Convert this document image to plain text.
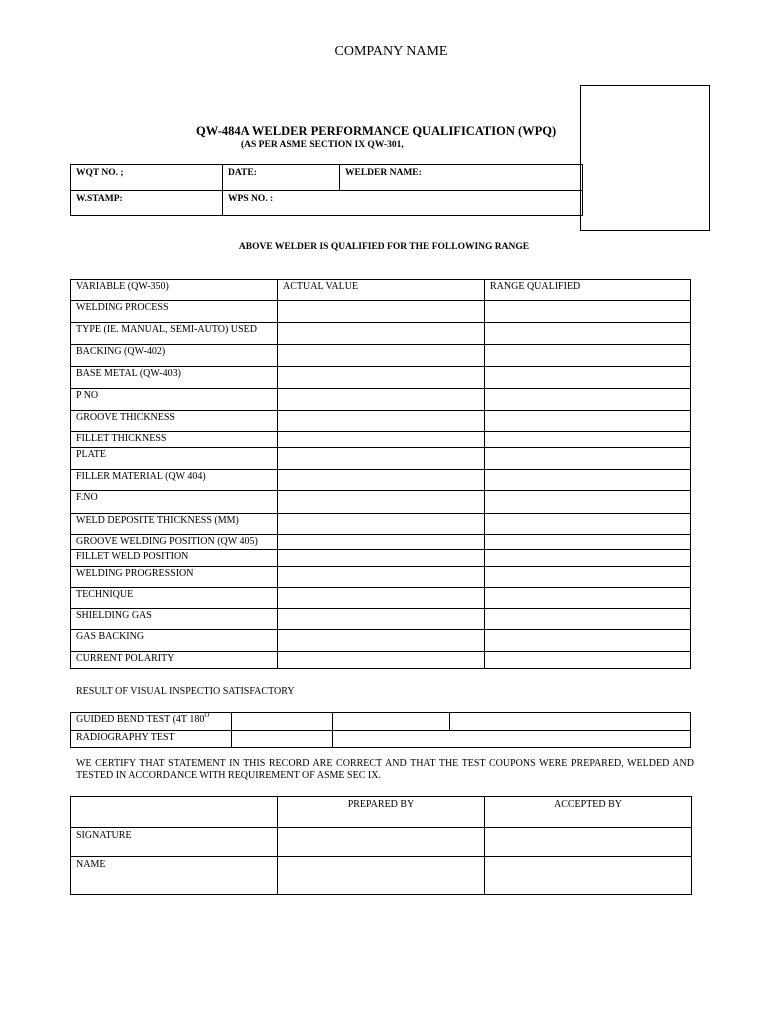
COMPANY NAME
QW-484A WELDER PERFORMANCE QUALIFICATION (WPQ)
(AS PER ASME SECTION IX QW-301,
WQT NO. ;	DATE:	WELDER NAME:
W.STAMP:	WPS NO. :	
ABOVE WELDER IS QUALIFIED FOR THE FOLLOWING RANGE
VARIABLE (QW-350)	ACTUAL VALUE	RANGE QUALIFIED
WELDING PROCESS		
TYPE (IE. MANUAL, SEMI-AUTO) USED		
BACKING (QW-402)		
BASE METAL (QW-403)		
P NO		
GROOVE THICKNESS		
FILLET THICKNESS		
PLATE		
FILLER MATERIAL (QW 404)		
F.NO		
WELD DEPOSITE THICKNESS (MM)		
GROOVE WELDING POSITION (QW 405)		
FILLET WELD POSITION		
WELDING PROGRESSION		
TECHNIQUE		
SHIELDING GAS		
GAS BACKING		
CURRENT POLARITY		
RESULT OF VISUAL INSPECTIO SATISFACTORY
GUIDED BEND TEST (4T $180^O$			
RADIOGRAPHY TEST			
WE CERTIFY THAT STATEMENT IN THIS RECORD ARE CORRECT AND THAT THE TEST COUPONS WERE PREPARED, WELDED AND TESTED IN ACCORDANCE WITH REQUIREMENT OF ASME SEC IX.
	PREPARED BY	ACCEPTED BY
SIGNATURE		
NAME		
